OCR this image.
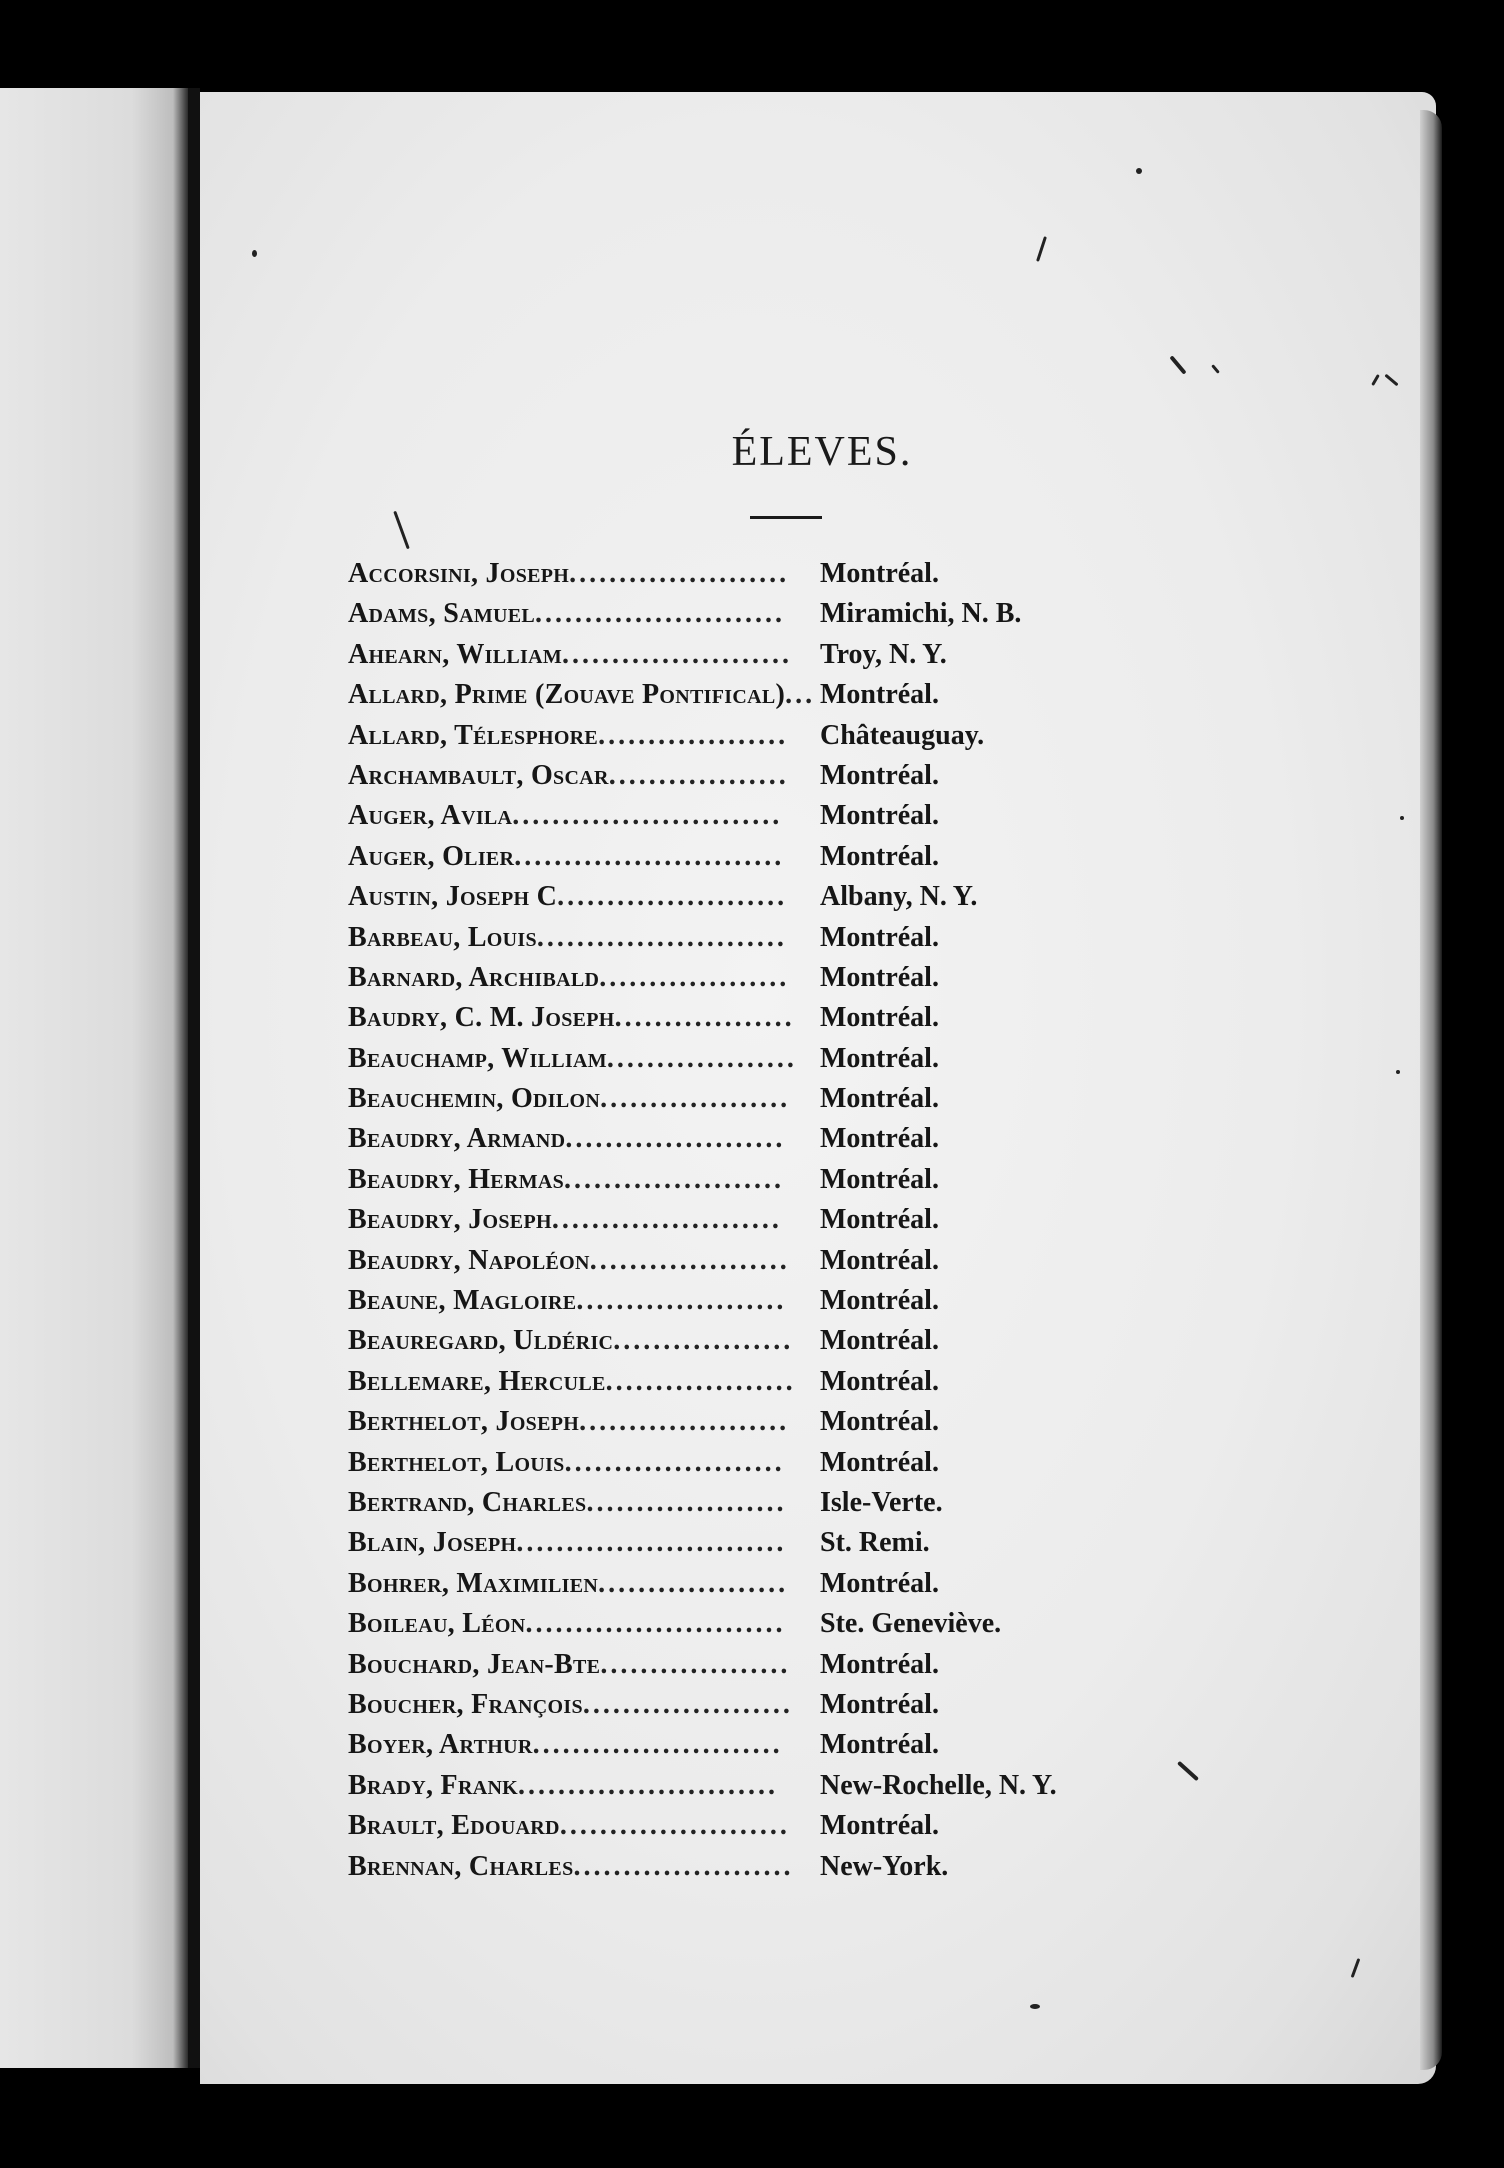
ÉLEVES.
Accorsini, Joseph ......................	Montréal.
Adams, Samuel .........................	Miramichi, N. B.
Ahearn, William ....................... Troy, N. Y.
Allard, Prime (Zouave Pontifical) ... Montréal.
Allard, Télesphore ...................	Châteauguay.
Archambault, Oscar ..................	Montréal.
Auger, Avila ...........................	Montréal.
Auger, Olier ...........................	Montréal.
Austin, Joseph C .......................	Albany, N. Y.
Barbeau, Louis .........................	Montréal.
Barnard, Archibald ...................	Montréal.
Baudry, C. M. Joseph .................. Montréal.
Beauchamp, William ................... Montréal.
Beauchemin, Odilon ...................	Montréal.
Beaudry, Armand ......................	Montréal.
Beaudry, Hermas ......................	Montréal.
Beaudry, Joseph .......................	Montréal.
Beaudry, Napoléon ....................	Montréal.
Beaune, Magloire .....................	Montréal.
Beauregard, Uldéric .................. Montréal.
Bellemare, Hercule ................... Montréal.
Berthelot, Joseph .....................	Montréal.
Berthelot, Louis ......................	Montréal.
Bertrand, Charles ....................	Isle-Verte.
Blain, Joseph ...........................	St. Remi.
Bohrer, Maximilien ...................	Montréal.
Boileau, Léon ..........................	Ste. Geneviève.
Bouchard, Jean-Bte ...................	Montréal.
Boucher, François ..................... Montréal.
Boyer, Arthur .........................	Montréal.
Brady, Frank ..........................	New-Rochelle, N. Y.
Brault, Edouard .......................	Montréal.
Brennan, Charles ...................... New-York.
